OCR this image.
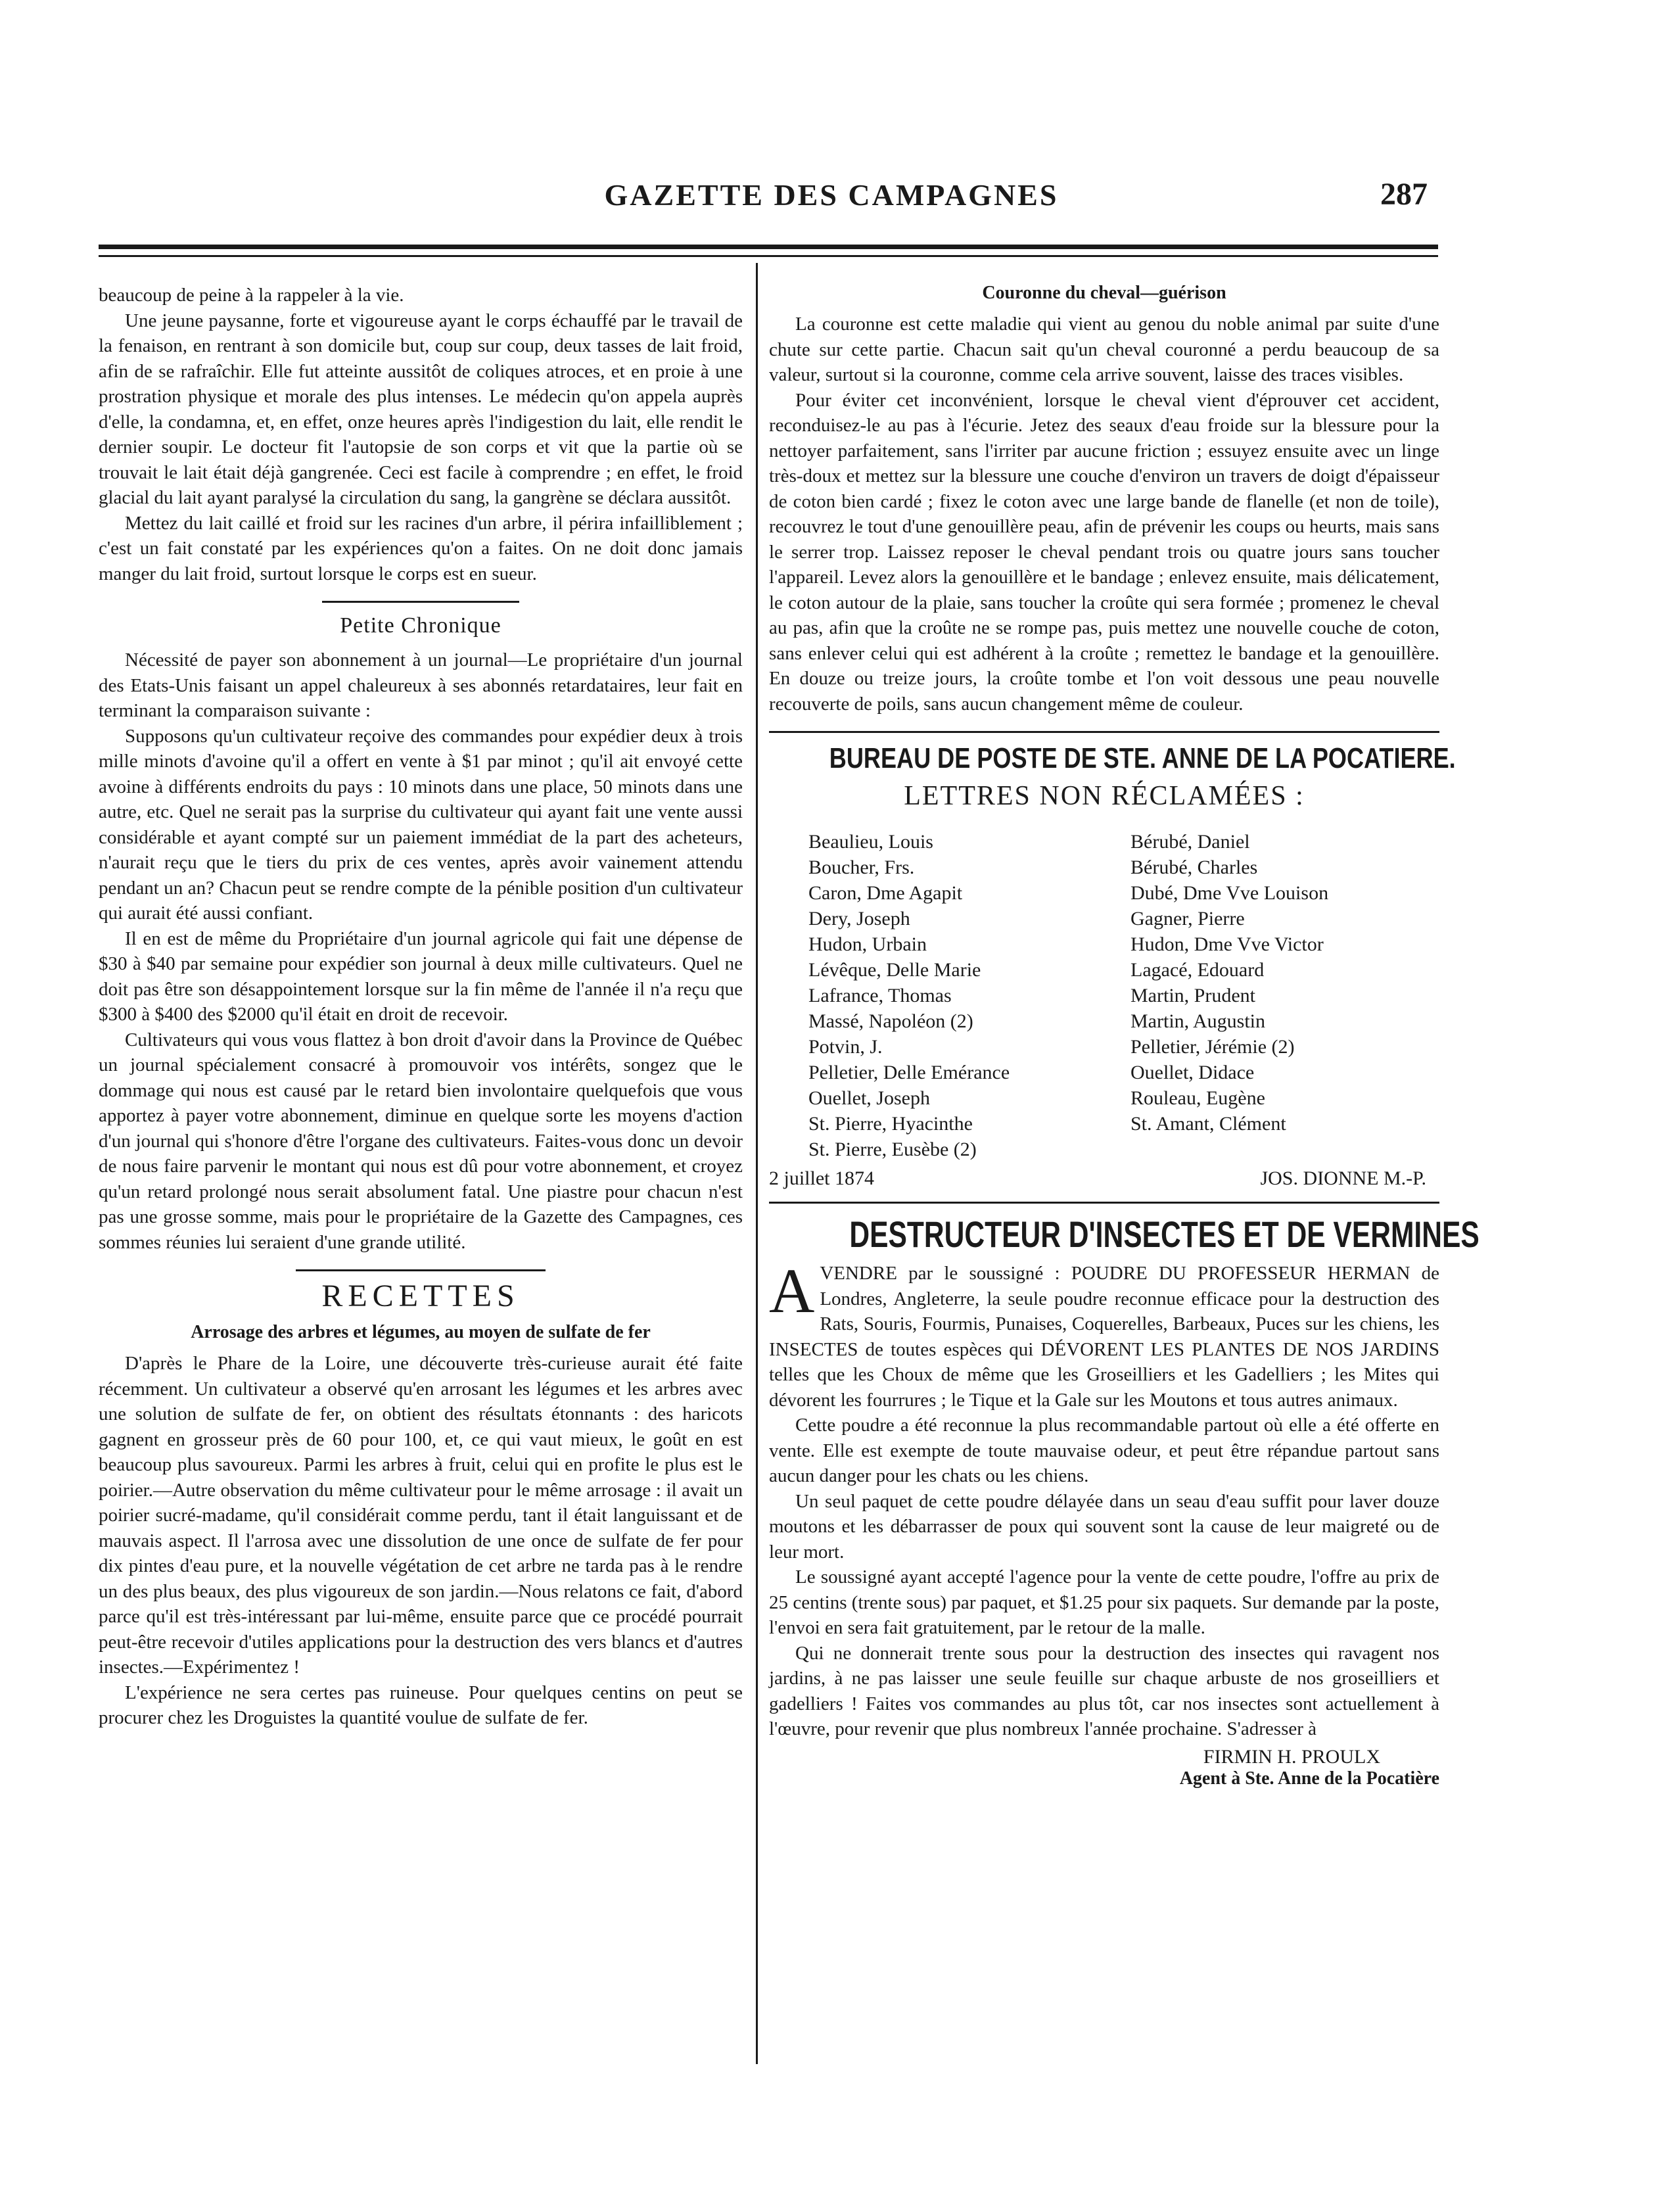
GAZETTE DES CAMPAGNES	287

beaucoup de peine à la rappeler à la vie.

Une jeune paysanne, forte et vigoureuse ayant le corps échauffé par le travail de la fenaison, en rentrant à son domicile but, coup sur coup, deux tasses de lait froid, afin de se rafraîchir. Elle fut atteinte aussitôt de coliques atroces, et en proie à une prostration physique et morale des plus intenses. Le médecin qu'on appela auprès d'elle, la condamna, et, en effet, onze heures après l'indigestion du lait, elle rendit le dernier soupir. Le docteur fit l'autopsie de son corps et vit que la partie où se trouvait le lait était déjà gangrenée. Ceci est facile à comprendre ; en effet, le froid glacial du lait ayant paralysé la circulation du sang, la gangrène se déclara aussitôt.

Mettez du lait caillé et froid sur les racines d'un arbre, il périra infailliblement ; c'est un fait constaté par les expériences qu'on a faites. On ne doit donc jamais manger du lait froid, surtout lorsque le corps est en sueur.

Petite Chronique

Nécessité de payer son abonnement à un journal—Le propriétaire d'un journal des Etats-Unis faisant un appel chaleureux à ses abonnés retardataires, leur fait en terminant la comparaison suivante :

Supposons qu'un cultivateur reçoive des commandes pour expédier deux à trois mille minots d'avoine qu'il a offert en vente à $1 par minot ; qu'il ait envoyé cette avoine à différents endroits du pays : 10 minots dans une place, 50 minots dans une autre, etc. Quel ne serait pas la surprise du cultivateur qui ayant fait une vente aussi considérable et ayant compté sur un paiement immédiat de la part des acheteurs, n'aurait reçu que le tiers du prix de ces ventes, après avoir vainement attendu pendant un an? Chacun peut se rendre compte de la pénible position d'un cultivateur qui aurait été aussi confiant.

Il en est de même du Propriétaire d'un journal agricole qui fait une dépense de $30 à $40 par semaine pour expédier son journal à deux mille cultivateurs. Quel ne doit pas être son désappointement lorsque sur la fin même de l'année il n'a reçu que $300 à $400 des $2000 qu'il était en droit de recevoir.

Cultivateurs qui vous vous flattez à bon droit d'avoir dans la Province de Québec un journal spécialement consacré à promouvoir vos intérêts, songez que le dommage qui nous est causé par le retard bien involontaire quelquefois que vous apportez à payer votre abonnement, diminue en quelque sorte les moyens d'action d'un journal qui s'honore d'être l'organe des cultivateurs. Faites-vous donc un devoir de nous faire parvenir le montant qui nous est dû pour votre abonnement, et croyez qu'un retard prolongé nous serait absolument fatal. Une piastre pour chacun n'est pas une grosse somme, mais pour le propriétaire de la Gazette des Campagnes, ces sommes réunies lui seraient d'une grande utilité.

RECETTES
Arrosage des arbres et légumes, au moyen de sulfate de fer

D'après le Phare de la Loire, une découverte très-curieuse aurait été faite récemment. Un cultivateur a observé qu'en arrosant les légumes et les arbres avec une solution de sulfate de fer, on obtient des résultats étonnants : des haricots gagnent en grosseur près de 60 pour 100, et, ce qui vaut mieux, le goût en est beaucoup plus savoureux. Parmi les arbres à fruit, celui qui en profite le plus est le poirier.—Autre observation du même cultivateur pour le même arrosage : il avait un poirier sucré-madame, qu'il considérait comme perdu, tant il était languissant et de mauvais aspect. Il l'arrosa avec une dissolution de une once de sulfate de fer pour dix pintes d'eau pure, et la nouvelle végétation de cet arbre ne tarda pas à le rendre un des plus beaux, des plus vigoureux de son jardin.—Nous relatons ce fait, d'abord parce qu'il est très-intéressant par lui-même, ensuite parce que ce procédé pourrait peut-être recevoir d'utiles applications pour la destruction des vers blancs et d'autres insectes.—Expérimentez !

L'expérience ne sera certes pas ruineuse. Pour quelques centins on peut se procurer chez les Droguistes la quantité voulue de sulfate de fer.

Couronne du cheval—guérison

La couronne est cette maladie qui vient au genou du noble animal par suite d'une chute sur cette partie. Chacun sait qu'un cheval couronné a perdu beaucoup de sa valeur, surtout si la couronne, comme cela arrive souvent, laisse des traces visibles.

Pour éviter cet inconvénient, lorsque le cheval vient d'éprouver cet accident, reconduisez-le au pas à l'écurie. Jetez des seaux d'eau froide sur la blessure pour la nettoyer parfaitement, sans l'irriter par aucune friction ; essuyez ensuite avec un linge très-doux et mettez sur la blessure une couche d'environ un travers de doigt d'épaisseur de coton bien cardé ; fixez le coton avec une large bande de flanelle (et non de toile), recouvrez le tout d'une genouillère peau, afin de prévenir les coups ou heurts, mais sans le serrer trop. Laissez reposer le cheval pendant trois ou quatre jours sans toucher l'appareil. Levez alors la genouillère et le bandage ; enlevez ensuite, mais délicatement, le coton autour de la plaie, sans toucher la croûte qui sera formée ; promenez le cheval au pas, afin que la croûte ne se rompe pas, puis mettez une nouvelle couche de coton, sans enlever celui qui est adhérent à la croûte ; remettez le bandage et la genouillère. En douze ou treize jours, la croûte tombe et l'on voit dessous une peau nouvelle recouverte de poils, sans aucun changement même de couleur.

BUREAU DE POSTE DE STE. ANNE DE LA POCATIERE.
LETTRES NON RÉCLAMÉES :
Beaulieu, Louis	Bérubé, Daniel
Boucher, Frs.	Bérubé, Charles
Caron, Dme Agapit	Dubé, Dme Vve Louison
Dery, Joseph	Gagner, Pierre
Hudon, Urbain	Hudon, Dme Vve Victor
Lévêque, Delle Marie	Lagacé, Edouard
Lafrance, Thomas	Martin, Prudent
Massé, Napoléon (2)	Martin, Augustin
Potvin, J.	Pelletier, Jérémie (2)
Pelletier, Delle Emérance	Ouellet, Didace
Ouellet, Joseph	Rouleau, Eugène
St. Pierre, Hyacinthe	St. Amant, Clément
St. Pierre, Eusèbe (2)
2 juillet 1874	JOS. DIONNE M.-P.
DESTRUCTEUR D'INSECTES ET DE VERMINES

AVENDRE par le soussigné : POUDRE DU PROFESSEUR HERMAN de Londres, Angleterre, la seule poudre reconnue efficace pour la destruction des Rats, Souris, Fourmis, Punaises, Coquerelles, Barbeaux, Puces sur les chiens, les INSECTES de toutes espèces qui DÉVORENT LES PLANTES DE NOS JARDINS telles que les Choux de même que les Groseilliers et les Gadelliers ; les Mites qui dévorent les fourrures ; le Tique et la Gale sur les Moutons et tous autres animaux.

Cette poudre a été reconnue la plus recommandable partout où elle a été offerte en vente. Elle est exempte de toute mauvaise odeur, et peut être répandue partout sans aucun danger pour les chats ou les chiens.

Un seul paquet de cette poudre délayée dans un seau d'eau suffit pour laver douze moutons et les débarrasser de poux qui souvent sont la cause de leur maigreté ou de leur mort.

Le soussigné ayant accepté l'agence pour la vente de cette poudre, l'offre au prix de 25 centins (trente sous) par paquet, et $1.25 pour six paquets. Sur demande par la poste, l'envoi en sera fait gratuitement, par le retour de la malle.

Qui ne donnerait trente sous pour la destruction des insectes qui ravagent nos jardins, à ne pas laisser une seule feuille sur chaque arbuste de nos groseilliers et gadelliers ! Faites vos commandes au plus tôt, car nos insectes sont actuellement à l'œuvre, pour revenir que plus nombreux l'année prochaine. S'adresser à

FIRMIN H. PROULX
Agent à Ste. Anne de la Pocatière
